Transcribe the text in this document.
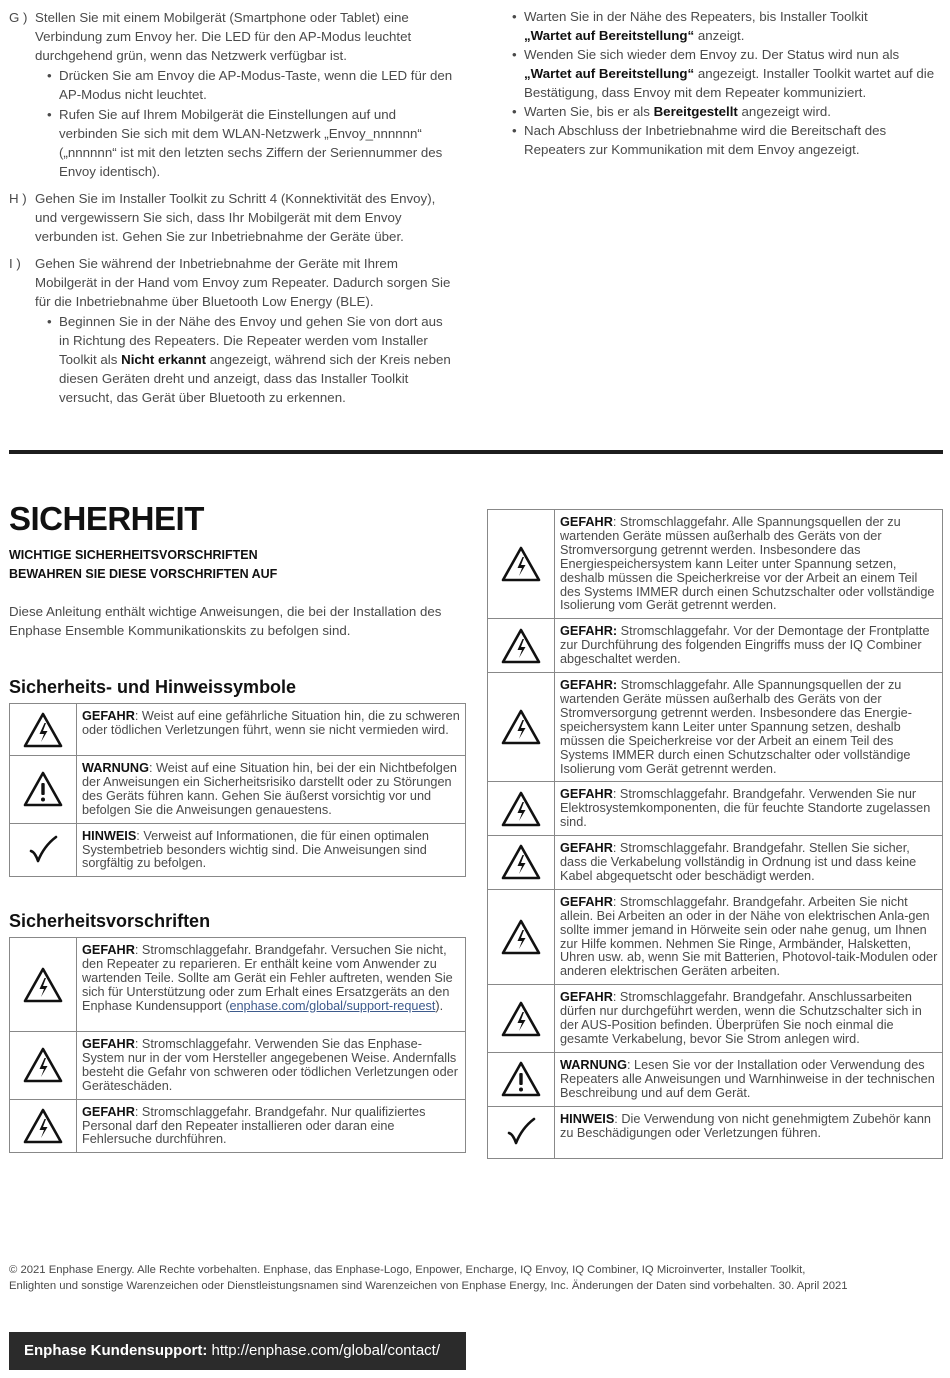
G ) Stellen Sie mit einem Mobilgerät (Smartphone oder Tablet) eine Verbindung zum Envoy her. Die LED für den AP-Modus leuchtet durchgehend grün, wenn das Netzwerk verfügbar ist.
• Drücken Sie am Envoy die AP-Modus-Taste, wenn die LED für den AP-Modus nicht leuchtet.
• Rufen Sie auf Ihrem Mobilgerät die Einstellungen auf und verbinden Sie sich mit dem WLAN-Netzwerk „Envoy_nnnnnn“ („nnnnnn“ ist mit den letzten sechs Ziffern der Seriennummer des Envoy identisch).
H ) Gehen Sie im Installer Toolkit zu Schritt 4 (Konnektivität des Envoy), und vergewissern Sie sich, dass Ihr Mobilgerät mit dem Envoy verbunden ist. Gehen Sie zur Inbetriebnahme der Geräte über.
I ) Gehen Sie während der Inbetriebnahme der Geräte mit Ihrem Mobilgerät in der Hand vom Envoy zum Repeater. Dadurch sorgen Sie für die Inbetriebnahme über Bluetooth Low Energy (BLE).
• Beginnen Sie in der Nähe des Envoy und gehen Sie von dort aus in Richtung des Repeaters. Die Repeater werden vom Installer Toolkit als Nicht erkannt angezeigt, während sich der Kreis neben diesen Geräten dreht und anzeigt, dass das Installer Toolkit versucht, das Gerät über Bluetooth zu erkennen.
• Warten Sie in der Nähe des Repeaters, bis Installer Toolkit
„Wartet auf Bereitstellung“ anzeigt.
• Wenden Sie sich wieder dem Envoy zu. Der Status wird nun als
„Wartet auf Bereitstellung“ angezeigt. Installer Toolkit wartet auf die Bestätigung, dass Envoy mit dem Repeater kommuniziert.
• Warten Sie, bis er als Bereitgestellt angezeigt wird.
• Nach Abschluss der Inbetriebnahme wird die Bereitschaft des Repeaters zur Kommunikation mit dem Envoy angezeigt.
SICHERHEIT
WICHTIGE SICHERHEITSVORSCHRIFTEN
BEWAHREN SIE DIESE VORSCHRIFTEN AUF
Diese Anleitung enthält wichtige Anweisungen, die bei der Installation des Enphase Ensemble Kommunikationskits zu befolgen sind.
Sicherheits- und Hinweissymbole
	GEFAHR: Weist auf eine gefährliche Situation hin, die zu schweren oder tödlichen Verletzungen führt, wenn sie nicht vermieden wird.

	WARNUNG: Weist auf eine Situation hin, bei der ein Nichtbefolgen der Anweisungen ein Sicherheitsrisiko darstellt oder zu Störungen des Geräts führen kann. Gehen Sie äußerst vorsichtig vor und befolgen Sie die Anweisungen genauestens.

	HINWEIS: Verweist auf Informationen, die für einen optimalen Systembetrieb besonders wichtig sind. Die Anweisungen sind sorgfältig zu befolgen.
Sicherheitsvorschriften
	GEFAHR: Stromschlaggefahr. Brandgefahr. Versuchen Sie nicht, den Repeater zu reparieren. Er enthält keine vom Anwender zu wartenden Teile. Sollte am Gerät ein Fehler auftreten, wenden Sie sich für Unterstützung oder zum Erhalt eines Ersatzgeräts an den Enphase Kundensupport (enphase.com/global/support-request).

	GEFAHR: Stromschlaggefahr. Verwenden Sie das Enphase-System nur in der vom Hersteller angegebenen Weise. Andernfalls besteht die Gefahr von schweren oder tödlichen Verletzungen oder Geräteschäden.

	GEFAHR: Stromschlaggefahr. Brandgefahr. Nur qualifiziertes Personal darf den Repeater installieren oder daran eine Fehlersuche durchführen.
	GEFAHR: Stromschlaggefahr. Alle Spannungsquellen der zu wartenden Geräte müssen außerhalb des Geräts von der Stromversorgung getrennt werden. Insbesondere das Energiespeichersystem kann Leiter unter Spannung setzen, deshalb müssen die Speicherkreise vor der Arbeit an einem Teil des Systems IMMER durch einen Schutzschalter oder vollständige Isolierung vom Gerät getrennt werden.

	GEFAHR: Stromschlaggefahr. Vor der Demontage der Frontplatte zur Durchführung des folgenden Eingriffs muss der IQ Combiner abgeschaltet werden.

	GEFAHR: Stromschlaggefahr. Alle Spannungsquellen der zu wartenden Geräte müssen außerhalb des Geräts von der Stromversorgung getrennt werden. Insbesondere das Energie-speichersystem kann Leiter unter Spannung setzen, deshalb müssen die Speicherkreise vor der Arbeit an einem Teil des Systems IMMER durch einen Schutzschalter oder vollständige Isolierung vom Gerät getrennt werden.

	GEFAHR: Stromschlaggefahr. Brandgefahr. Verwenden Sie nur Elektrosystemkomponenten, die für feuchte Standorte zugelassen sind.

	GEFAHR: Stromschlaggefahr. Brandgefahr. Stellen Sie sicher, dass die Verkabelung vollständig in Ordnung ist und dass keine Kabel abgequetscht oder beschädigt werden.

	GEFAHR: Stromschlaggefahr. Brandgefahr. Arbeiten Sie nicht allein. Bei Arbeiten an oder in der Nähe von elektrischen Anla-gen sollte immer jemand in Hörweite sein oder nahe genug, um Ihnen zur Hilfe kommen. Nehmen Sie Ringe, Armbänder, Halsketten, Uhren usw. ab, wenn Sie mit Batterien, Photovol-taik-Modulen oder anderen elektrischen Geräten arbeiten.

	GEFAHR: Stromschlaggefahr. Brandgefahr. Anschlussarbeiten dürfen nur durchgeführt werden, wenn die Schutzschalter sich in der AUS-Position befinden. Überprüfen Sie noch einmal die gesamte Verkabelung, bevor Sie Strom anlegen wird.

	WARNUNG: Lesen Sie vor der Installation oder Verwendung des Repeaters alle Anweisungen und Warnhinweise in der technischen Beschreibung und auf dem Gerät.

	HINWEIS: Die Verwendung von nicht genehmigtem Zubehör kann zu Beschädigungen oder Verletzungen führen.
© 2021 Enphase Energy. Alle Rechte vorbehalten. Enphase, das Enphase-Logo, Enpower, Encharge, IQ Envoy, IQ Combiner, IQ Microinverter, Installer Toolkit,
Enlighten und sonstige Warenzeichen oder Dienstleistungsnamen sind Warenzeichen von Enphase Energy, Inc. Änderungen der Daten sind vorbehalten. 30. April 2021
Enphase Kundensupport: http://enphase.com/global/contact/
